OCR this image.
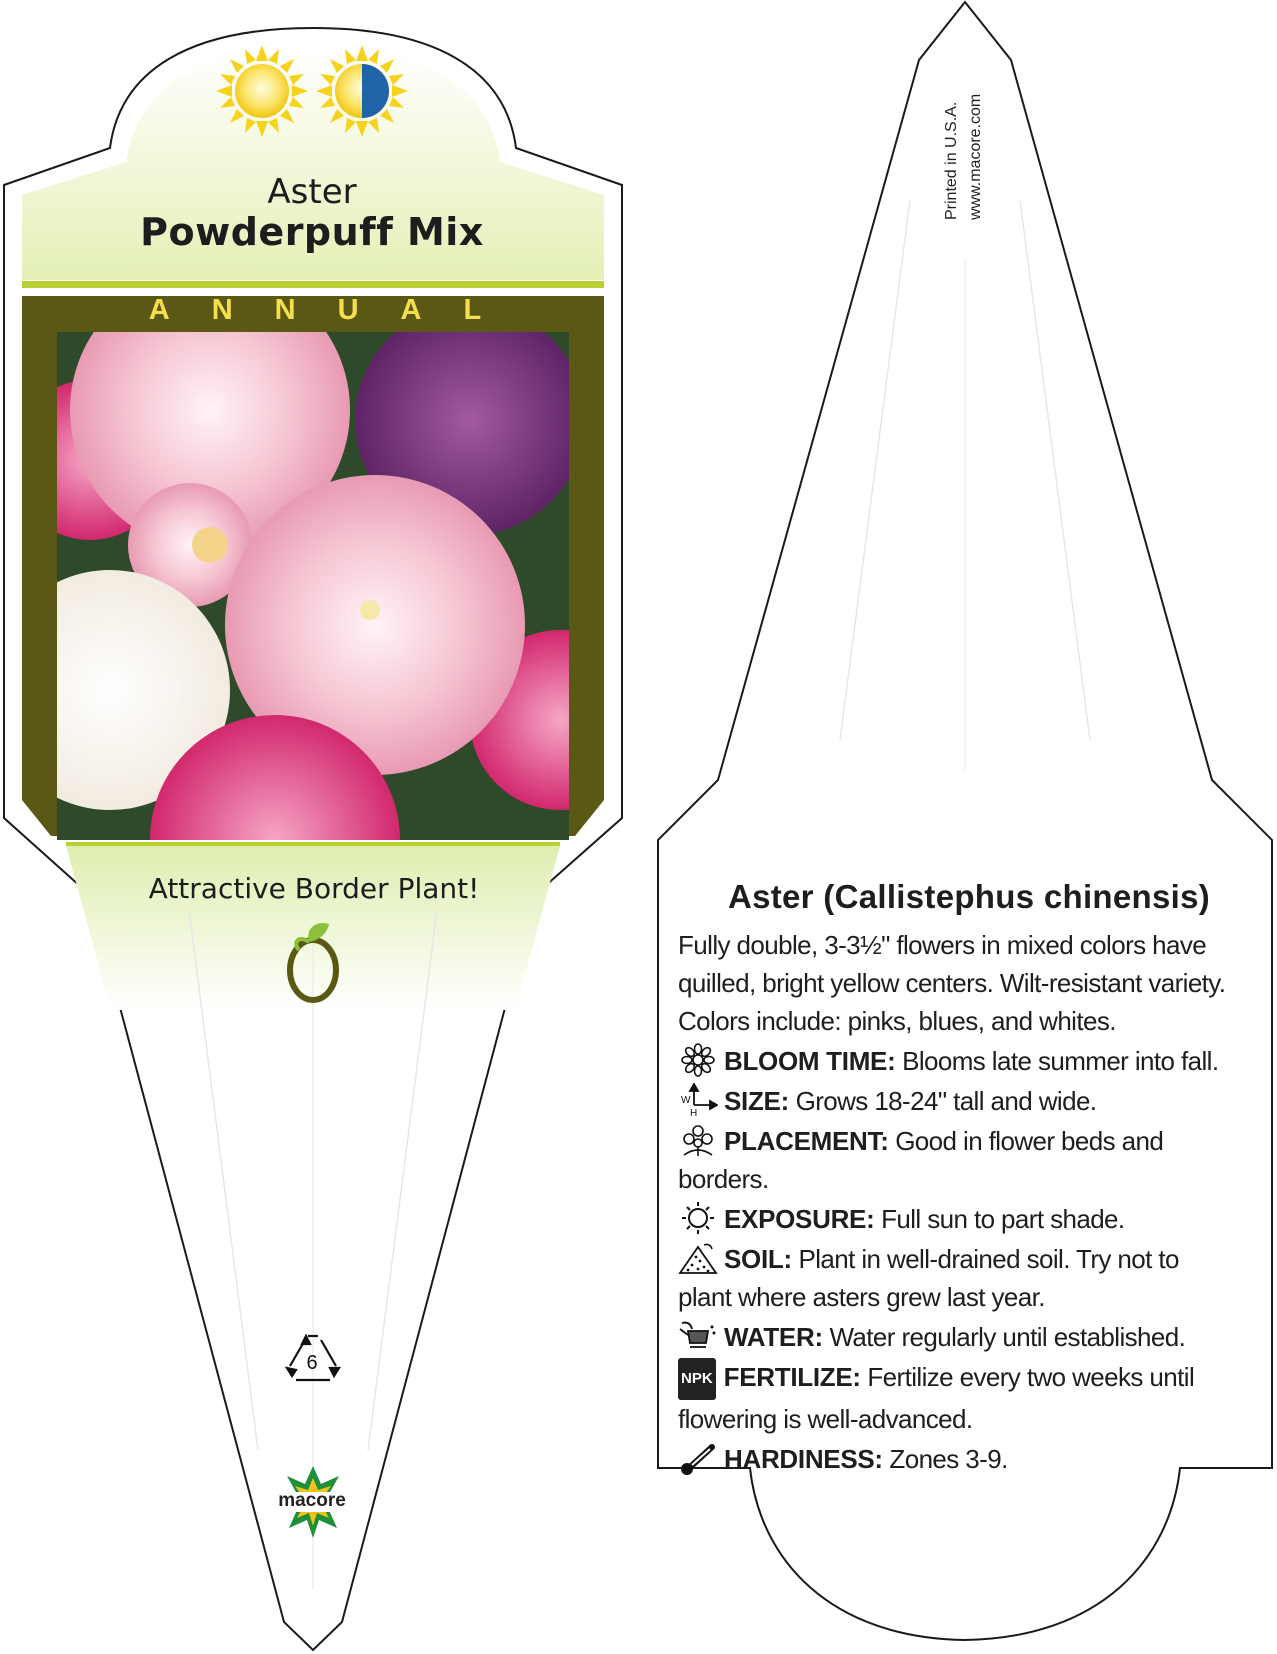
Aster
Powderpuff Mix
ANNUAL
Attractive Border Plant!
6
macore
Printed in U.S.A. www.macore.com
Aster (Callistephus chinensis)
Fully double, 3-3½" flowers in mixed colors have quilled, bright yellow centers. Wilt-resistant variety. Colors include: pinks, blues, and whites.
BLOOM TIME: Blooms late summer into fall.
W
H SIZE: Grows 18-24" tall and wide.
PLACEMENT: Good in flower beds and borders.
EXPOSURE: Full sun to part shade.
SOIL: Plant in well-drained soil. Try not to plant where asters grew last year.
WATER: Water regularly until established.
NPK FERTILIZE: Fertilize every two weeks until flowering is well-advanced.
HARDINESS: Zones 3-9.
